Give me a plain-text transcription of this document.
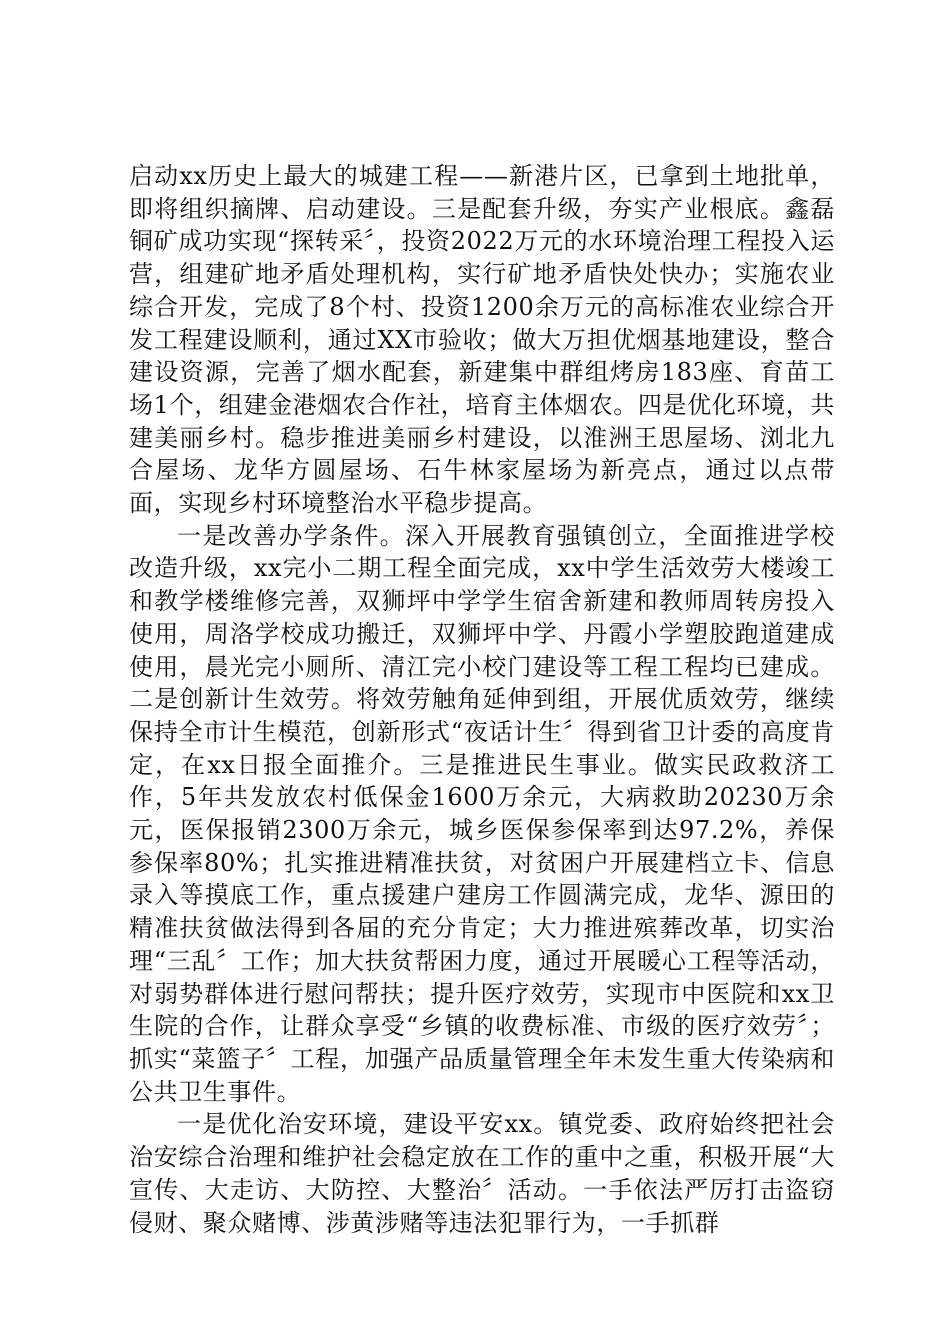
启动xx历史上最大的城建工程——新港片区，已拿到土地批单，即将组织摘牌、启动建设。三是配套升级，夯实产业根底。鑫磊铜矿成功实现“探转采〞，投资2022万元的水环境治理工程投入运营，组建矿地矛盾处理机构，实行矿地矛盾快处快办；实施农业综合开发，完成了8个村、投资1200余万元的高标准农业综合开发工程建设顺利，通过XX市验收；做大万担优烟基地建设，整合建设资源，完善了烟水配套，新建集中群组烤房183座、育苗工场1个，组建金港烟农合作社，培育主体烟农。四是优化环境，共建美丽乡村。稳步推进美丽乡村建设，以淮洲王思屋场、浏北九合屋场、龙华方圆屋场、石牛林家屋场为新亮点，通过以点带面，实现乡村环境整治水平稳步提高。

一是改善办学条件。深入开展教育强镇创立，全面推进学校改造升级，xx完小二期工程全面完成，xx中学生活效劳大楼竣工和教学楼维修完善，双狮坪中学学生宿舍新建和教师周转房投入使用，周洛学校成功搬迁，双狮坪中学、丹霞小学塑胶跑道建成使用，晨光完小厕所、清江完小校门建设等工程工程均已建成。二是创新计生效劳。将效劳触角延伸到组，开展优质效劳，继续保持全市计生模范，创新形式“夜话计生〞得到省卫计委的高度肯定，在xx日报全面推介。三是推进民生事业。做实民政救济工作，5年共发放农村低保金1600万余元，大病救助20230万余元，医保报销2300万余元，城乡医保参保率到达97.2%，养保参保率80%；扎实推进精准扶贫，对贫困户开展建档立卡、信息录入等摸底工作，重点援建户建房工作圆满完成，龙华、源田的精准扶贫做法得到各届的充分肯定；大力推进殡葬改革，切实治理“三乱〞工作；加大扶贫帮困力度，通过开展暖心工程等活动，对弱势群体进行慰问帮扶；提升医疗效劳，实现市中医院和xx卫生院的合作，让群众享受“乡镇的收费标准、市级的医疗效劳〞；抓实“菜篮子〞工程，加强产品质量管理全年未发生重大传染病和公共卫生事件。

一是优化治安环境，建设平安xx。镇党委、政府始终把社会治安综合治理和维护社会稳定放在工作的重中之重，积极开展“大宣传、大走访、大防控、大整治〞活动。一手依法严厉打击盗窃侵财、聚众赌博、涉黄涉赌等违法犯罪行为，一手抓群
